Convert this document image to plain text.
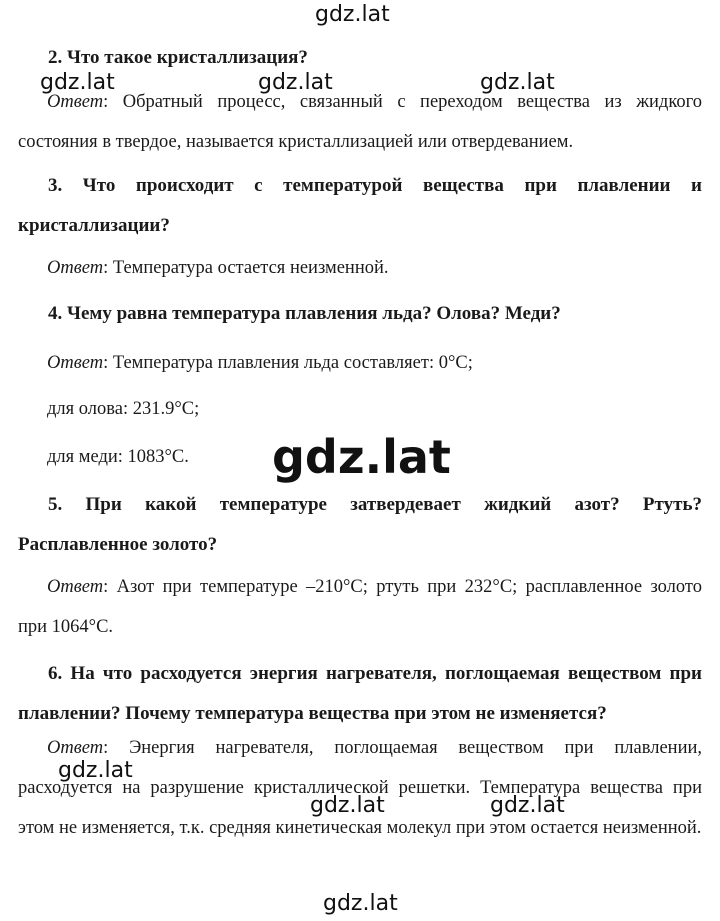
2. Что такое кристаллизация?

Ответ: Обратный процесс, связанный с переходом вещества из жидкого состояния в твердое, называется кристаллизацией или отвердеванием.

3. Что происходит с температурой вещества при плавлении и кристаллизации?

Ответ: Температура остается неизменной.

4. Чему равна температура плавления льда? Олова? Меди?

Ответ: Температура плавления льда составляет: 0°С;

для олова: 231.9°С;

для меди: 1083°С.

5. При какой температуре затвердевает жидкий азот? Ртуть? Расплавленное золото?

Ответ: Азот при температуре –210°С; ртуть при 232°С; расплавленное золото при 1064°С.

6. На что расходуется энергия нагревателя, поглощаемая веществом при плавлении? Почему температура вещества при этом не изменяется?

Ответ: Энергия нагревателя, поглощаемая веществом при плавлении, расходуется на разрушение кристаллической решетки. Температура вещества при этом не изменяется, т.к. средняя кинетическая молекул при этом остается неизменной.

gdz.lat
gdz.lat	gdz.lat	gdz.lat
gdz.lat
gdz.lat
gdz.lat	gdz.lat
gdz.lat
